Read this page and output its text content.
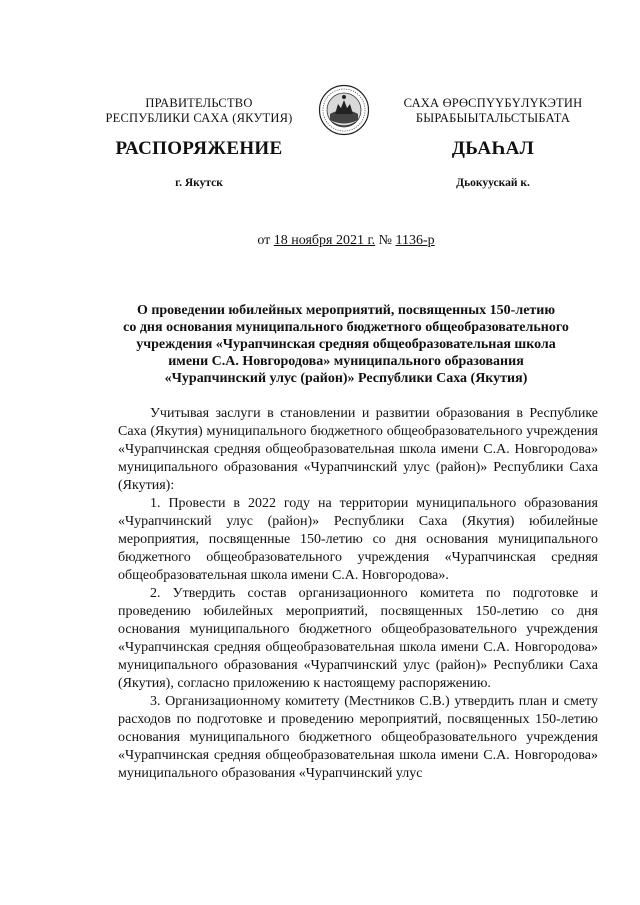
ПРАВИТЕЛЬСТВО
РЕСПУБЛИКИ САХА (ЯКУТИЯ)
САХА ӨРӨСПҮҮБҮЛҮКЭТИН
БЫРАБЫЫТАЛЬСТЫБАТА
РАСПОРЯЖЕНИЕ	ДЬАҺАЛ
г. Якутск	Дьокуускай к.
от 18 ноября 2021 г. № 1136-р
О проведении юбилейных мероприятий, посвященных 150-летию
со дня основания муниципального бюджетного общеобразовательного
учреждения «Чурапчинская средняя общеобразовательная школа
имени С.А. Новгородова» муниципального образования
«Чурапчинский улус (район)» Республики Саха (Якутия)

Учитывая заслуги в становлении и развитии образования в Республике Саха (Якутия) муниципального бюджетного общеобразовательного учреждения «Чурапчинская средняя общеобразовательная школа имени С.А. Новгородова» муниципального образования «Чурапчинский улус (район)» Республики Саха (Якутия):

1. Провести в 2022 году на территории муниципального образования «Чурапчинский улус (район)» Республики Саха (Якутия) юбилейные мероприятия, посвященные 150-летию со дня основания муниципального бюджетного общеобразовательного учреждения «Чурапчинская средняя общеобразовательная школа имени С.А. Новгородова».

2. Утвердить состав организационного комитета по подготовке и проведению юбилейных мероприятий, посвященных 150-летию со дня основания муниципального бюджетного общеобразовательного учреждения «Чурапчинская средняя общеобразовательная школа имени С.А. Новгородова» муниципального образования «Чурапчинский улус (район)» Республики Саха (Якутия), согласно приложению к настоящему распоряжению.

3. Организационному комитету (Местников С.В.) утвердить план и смету расходов по подготовке и проведению мероприятий, посвященных 150-летию основания муниципального бюджетного общеобразовательного учреждения «Чурапчинская средняя общеобразовательная школа имени С.А. Новгородова» муниципального образования «Чурапчинский улус
